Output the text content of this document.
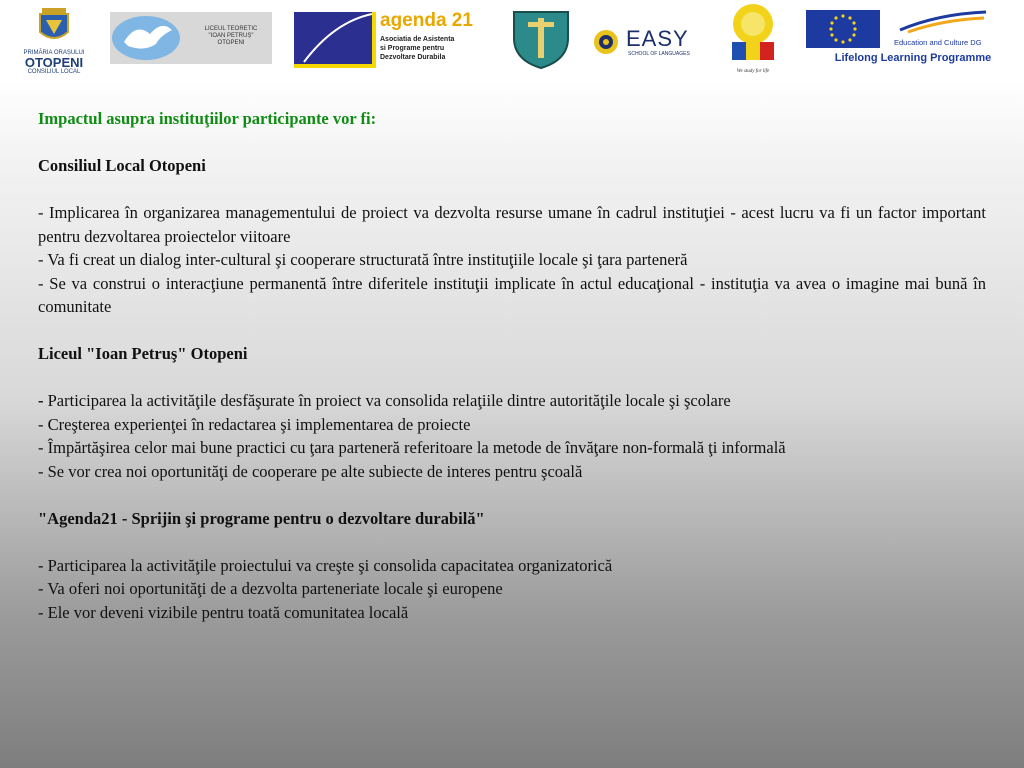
PRIMĂRIA ORAȘULUI
OTOPENI
CONSILIUL LOCAL
LICEUL TEORETIC "IOAN PETRUȘ" OTOPENI
agenda 21
Asociatia de Asistenta
si Programe pentru
Dezvoltare Durabila
EASY
SCHOOL OF LANGUAGES
We study for life
Education and Culture DG
Lifelong Learning Programme

Impactul asupra instituţiilor participante vor fi:

Consiliul Local Otopeni

- Implicarea în organizarea managementului de proiect va dezvolta resurse umane în cadrul instituţiei - acest lucru va fi un factor important pentru dezvoltarea proiectelor viitoare

- Va fi creat un dialog inter-cultural şi cooperare structurată între instituţiile locale şi ţara parteneră

- Se va construi o interacţiune permanentă între diferitele instituţii implicate în actul educaţional - instituţia va avea o imagine mai bună în comunitate

Liceul "Ioan Petruş" Otopeni

- Participarea la activităţile desfăşurate în proiect va consolida relaţiile dintre autorităţile locale şi şcolare

- Creşterea experienţei în redactarea şi implementarea de proiecte

- Împărtăşirea celor mai bune practici cu ţara parteneră referitoare la metode de învăţare non-formală ţi informală

- Se vor crea noi oportunităţi de cooperare pe alte subiecte de interes pentru şcoală

"Agenda21 - Sprijin şi programe pentru o dezvoltare durabilă"

- Participarea la activităţile proiectului va creşte şi consolida capacitatea organizatorică

- Va oferi noi oportunităţi de a dezvolta parteneriate locale şi europene

- Ele vor deveni vizibile pentru toată comunitatea locală
